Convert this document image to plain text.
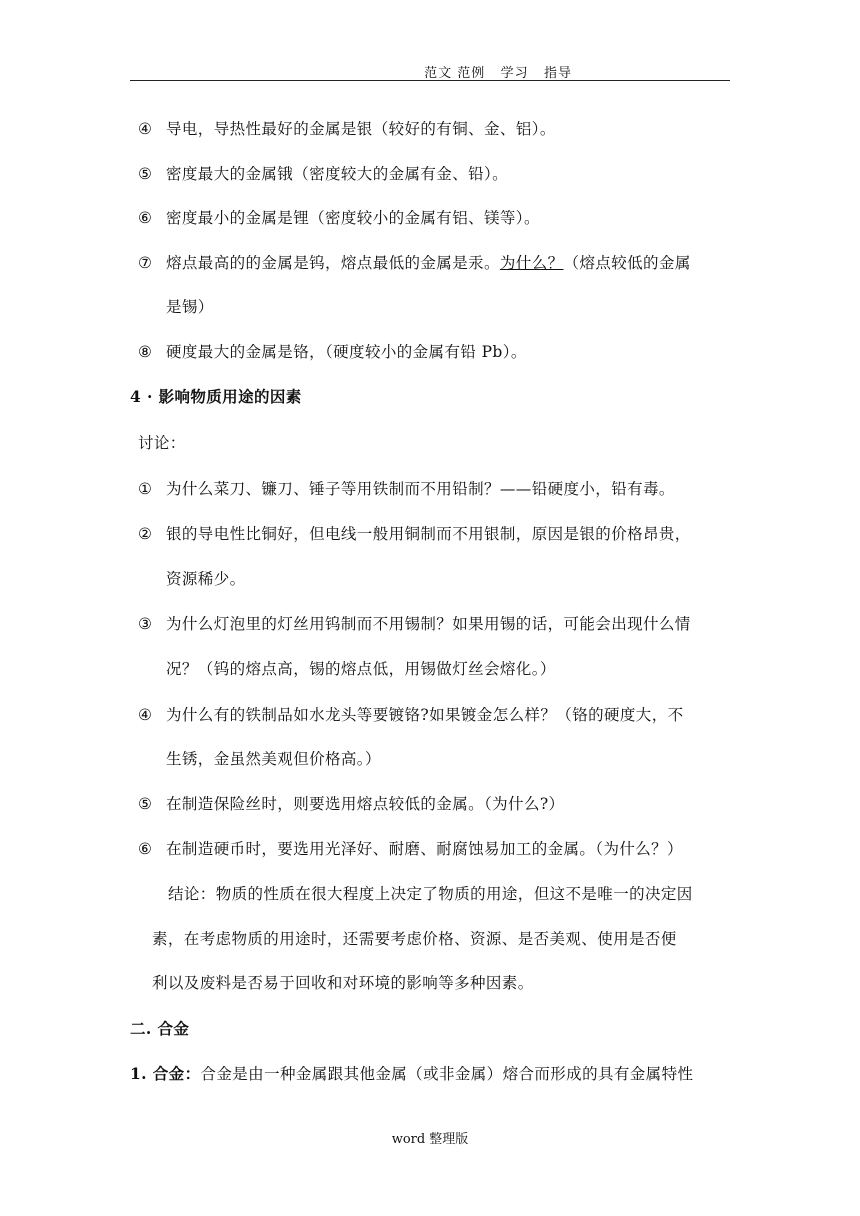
范文 范例   学习   指导
④ 导电，导热性最好的金属是银（较好的有铜、金、铝）。
⑤ 密度最大的金属锇（密度较大的金属有金、铅）。
⑥ 密度最小的金属是锂（密度较小的金属有铝、镁等）。
⑦ 熔点最高的的金属是钨，熔点最低的金属是汞。为什么？（熔点较低的金属
是锡）
⑧ 硬度最大的金属是铬，（硬度较小的金属有铅 Pb）。
4 · 影响物质用途的因素
讨论：
① 为什么菜刀、镰刀、锤子等用铁制而不用铅制？——铅硬度小，铅有毒。
② 银的导电性比铜好，但电线一般用铜制而不用银制，原因是银的价格昂贵，
资源稀少。
③ 为什么灯泡里的灯丝用钨制而不用锡制？如果用锡的话，可能会出现什么情
况？（钨的熔点高，锡的熔点低，用锡做灯丝会熔化。）
④ 为什么有的铁制品如水龙头等要镀铬?如果镀金怎么样？（铬的硬度大，不
生锈，金虽然美观但价格高。）
⑤ 在制造保险丝时，则要选用熔点较低的金属。（为什么?）
⑥ 在制造硬币时，要选用光泽好、耐磨、耐腐蚀易加工的金属。（为什么？）
结论：物质的性质在很大程度上决定了物质的用途，但这不是唯一的决定因
素，在考虑物质的用途时，还需要考虑价格、资源、是否美观、使用是否便
利以及废料是否易于回收和对环境的影响等多种因素。
二. 合金
1. 合金：合金是由一种金属跟其他金属（或非金属）熔合而形成的具有金属特性
word 整理版
